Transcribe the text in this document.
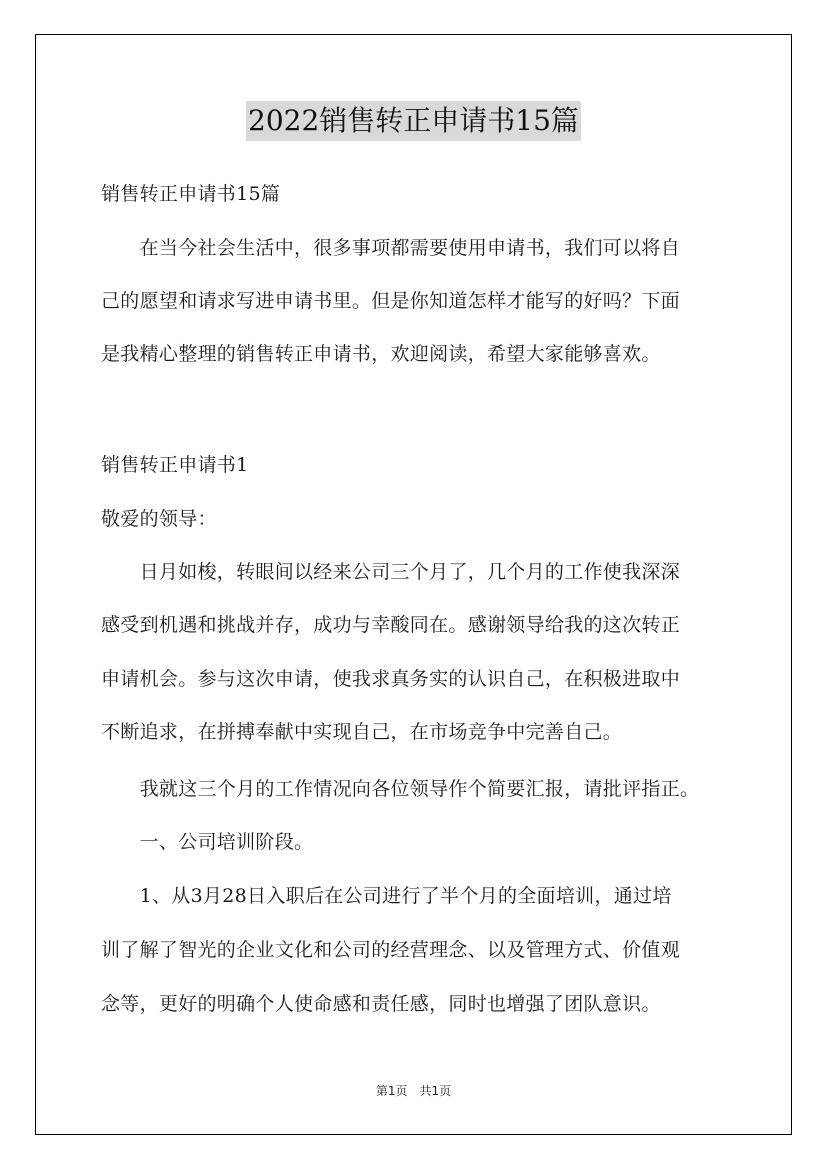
2022销售转正申请书15篇
销售转正申请书15篇
　　在当今社会生活中，很多事项都需要使用申请书，我们可以将自
己的愿望和请求写进申请书里。但是你知道怎样才能写的好吗？下面
是我精心整理的销售转正申请书，欢迎阅读，希望大家能够喜欢。
销售转正申请书1
敬爱的领导：
　　日月如梭，转眼间以经来公司三个月了，几个月的工作使我深深
感受到机遇和挑战并存，成功与幸酸同在。感谢领导给我的这次转正
申请机会。参与这次申请，使我求真务实的认识自己，在积极进取中
不断追求，在拼搏奉献中实现自己，在市场竞争中完善自己。
　　我就这三个月的工作情况向各位领导作个简要汇报，请批评指正。
　　一、公司培训阶段。
　　1、从3月28日入职后在公司进行了半个月的全面培训，通过培
训了解了智光的企业文化和公司的经营理念、以及管理方式、价值观
念等，更好的明确个人使命感和责任感，同时也增强了团队意识。
第1页　共1页
